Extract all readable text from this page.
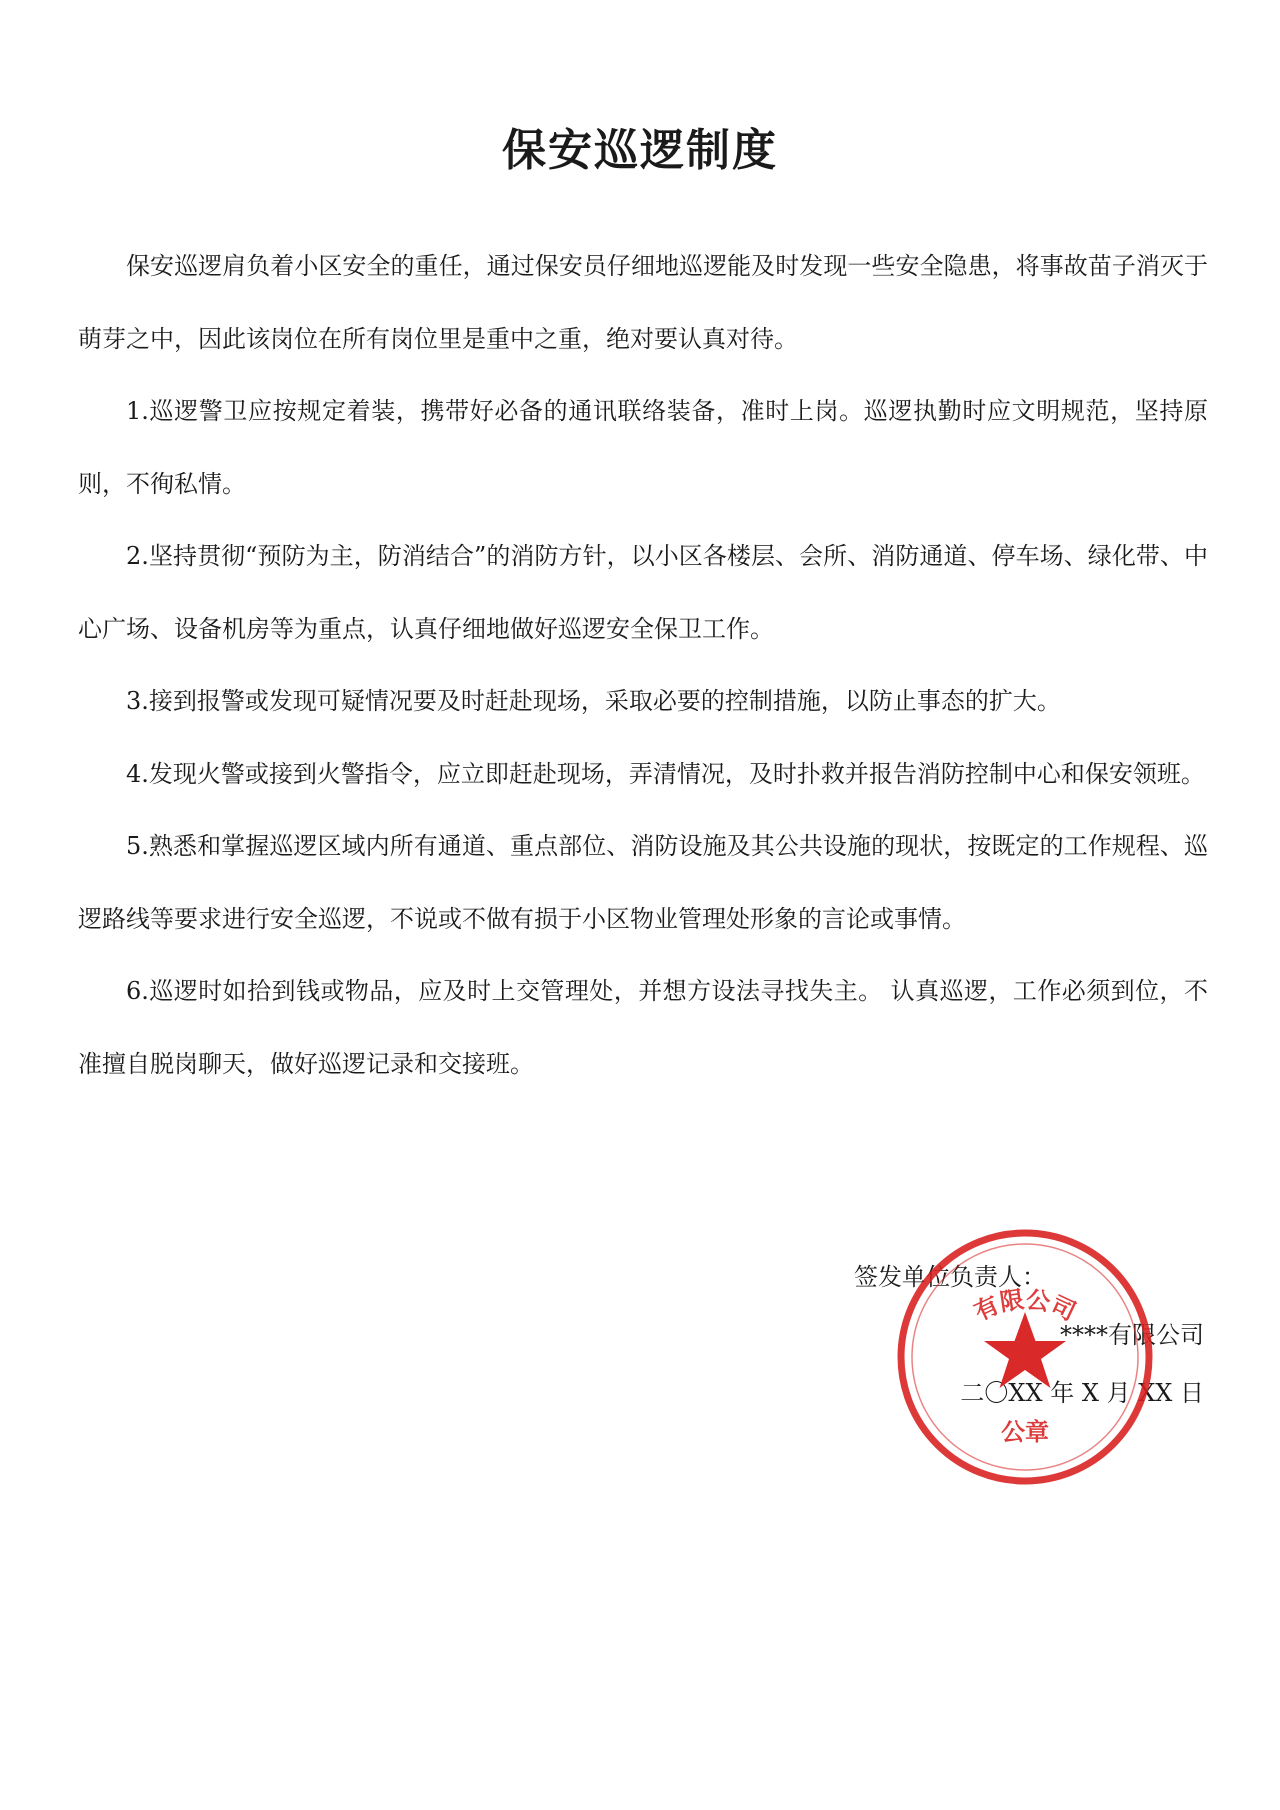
保安巡逻制度

保安巡逻肩负着小区安全的重任，通过保安员仔细地巡逻能及时发现一些安全隐患，将事故苗子消灭于萌芽之中，因此该岗位在所有岗位里是重中之重，绝对要认真对待。

1.巡逻警卫应按规定着装，携带好必备的通讯联络装备，准时上岗。巡逻执勤时应文明规范，坚持原则，不徇私情。

2.坚持贯彻“预防为主，防消结合”的消防方针，以小区各楼层、会所、消防通道、停车场、绿化带、中心广场、设备机房等为重点，认真仔细地做好巡逻安全保卫工作。

3.接到报警或发现可疑情况要及时赶赴现场，采取必要的控制措施，以防止事态的扩大。

4.发现火警或接到火警指令，应立即赶赴现场，弄清情况，及时扑救并报告消防控制中心和保安领班。

5.熟悉和掌握巡逻区域内所有通道、重点部位、消防设施及其公共设施的现状，按既定的工作规程、巡逻路线等要求进行安全巡逻，不说或不做有损于小区物业管理处形象的言论或事情。

6.巡逻时如拾到钱或物品，应及时上交管理处，并想方设法寻找失主。 认真巡逻，工作必须到位，不准擅自脱岗聊天，做好巡逻记录和交接班。

签发单位负责人：
****有限公司
二〇XX 年 X 月 XX 日
有限公司
公章
